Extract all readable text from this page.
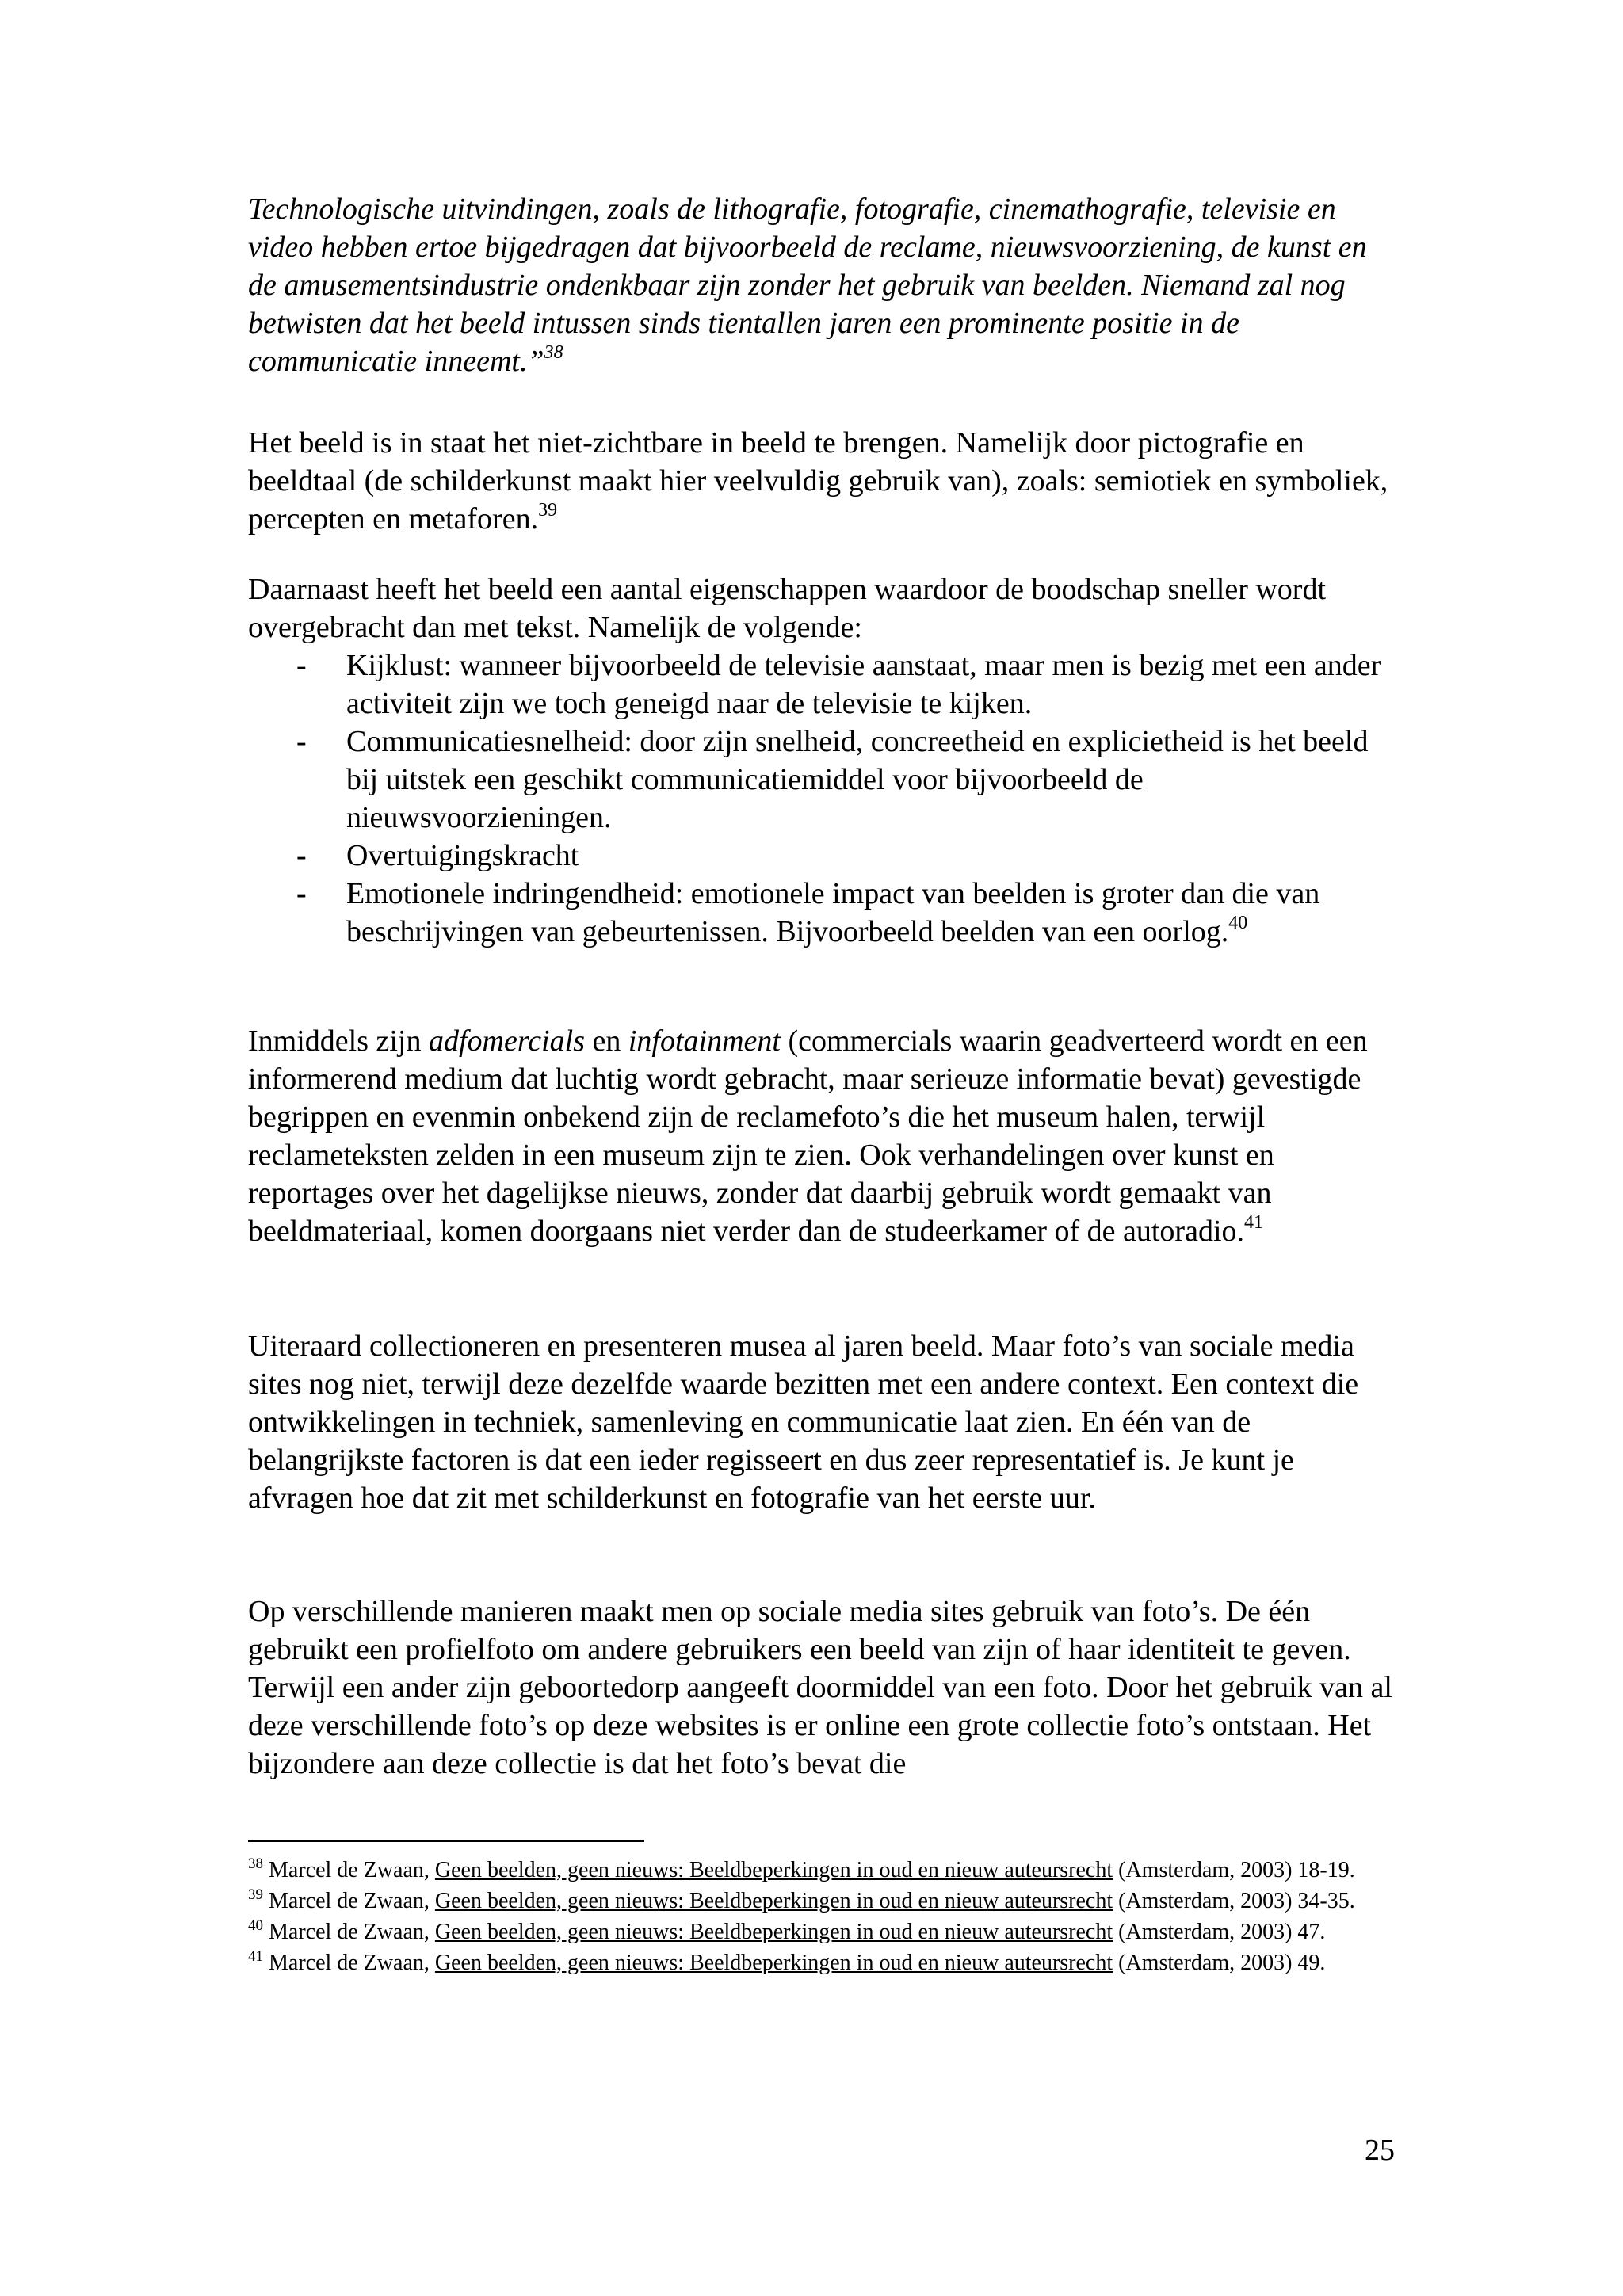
Technologische uitvindingen, zoals de lithografie, fotografie, cinemathografie, televisie en video hebben ertoe bijgedragen dat bijvoorbeeld de reclame, nieuwsvoorziening, de kunst en de amusementsindustrie ondenkbaar zijn zonder het gebruik van beelden. Niemand zal nog betwisten dat het beeld intussen sinds tientallen jaren een prominente positie in de communicatie inneemt.”$^{38}$

Het beeld is in staat het niet-zichtbare in beeld te brengen. Namelijk door pictografie en beeldtaal (de schilderkunst maakt hier veelvuldig gebruik van), zoals: semiotiek en symboliek, percepten en metaforen.$^{39}$

Daarnaast heeft het beeld een aantal eigenschappen waardoor de boodschap sneller wordt overgebracht dan met tekst. Namelijk de volgende:

- Kijklust: wanneer bijvoorbeeld de televisie aanstaat, maar men is bezig met een ander activiteit zijn we toch geneigd naar de televisie te kijken.
- Communicatiesnelheid: door zijn snelheid, concreetheid en explicietheid is het beeld bij uitstek een geschikt communicatiemiddel voor bijvoorbeeld de nieuwsvoorzieningen.
- Overtuigingskracht
- Emotionele indringendheid: emotionele impact van beelden is groter dan die van beschrijvingen van gebeurtenissen. Bijvoorbeeld beelden van een oorlog.$^{40}$

Inmiddels zijn adfomercials en infotainment (commercials waarin geadverteerd wordt en een informerend medium dat luchtig wordt gebracht, maar serieuze informatie bevat) gevestigde begrippen en evenmin onbekend zijn de reclamefoto’s die het museum halen, terwijl reclameteksten zelden in een museum zijn te zien. Ook verhandelingen over kunst en reportages over het dagelijkse nieuws, zonder dat daarbij gebruik wordt gemaakt van beeldmateriaal, komen doorgaans niet verder dan de studeerkamer of de autoradio.$^{41}$

Uiteraard collectioneren en presenteren musea al jaren beeld. Maar foto’s van sociale media sites nog niet, terwijl deze dezelfde waarde bezitten met een andere context. Een context die ontwikkelingen in techniek, samenleving en communicatie laat zien. En één van de belangrijkste factoren is dat een ieder regisseert en dus zeer representatief is. Je kunt je afvragen hoe dat zit met schilderkunst en fotografie van het eerste uur.

Op verschillende manieren maakt men op sociale media sites gebruik van foto’s. De één gebruikt een profielfoto om andere gebruikers een beeld van zijn of haar identiteit te geven. Terwijl een ander zijn geboortedorp aangeeft doormiddel van een foto. Door het gebruik van al deze verschillende foto’s op deze websites is er online een grote collectie foto’s ontstaan. Het bijzondere aan deze collectie is dat het foto’s bevat die

$^{38}$ Marcel de Zwaan, Geen beelden, geen nieuws: Beeldbeperkingen in oud en nieuw auteursrecht (Amsterdam, 2003) 18-19.

$^{39}$ Marcel de Zwaan, Geen beelden, geen nieuws: Beeldbeperkingen in oud en nieuw auteursrecht (Amsterdam, 2003) 34-35.

$^{40}$ Marcel de Zwaan, Geen beelden, geen nieuws: Beeldbeperkingen in oud en nieuw auteursrecht (Amsterdam, 2003) 47.

$^{41}$ Marcel de Zwaan, Geen beelden, geen nieuws: Beeldbeperkingen in oud en nieuw auteursrecht (Amsterdam, 2003) 49.

25
